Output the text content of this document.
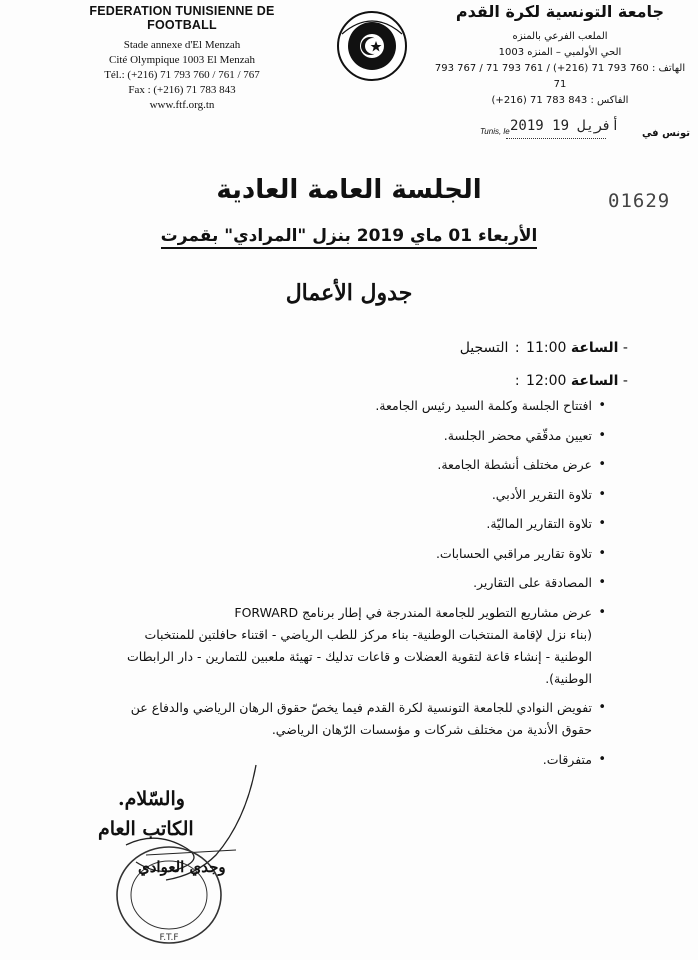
FEDERATION TUNISIENNE DE FOOTBALL
Stade annexe d'El Menzah
Cité Olympique 1003 El Menzah
Tél.: (+216) 71 793 760 / 761 / 767
Fax : (+216) 71 783 843
www.ftf.org.tn
جامعة التونسية لكرة القدم
الملعب الفرعي بالمنزه
الحي الأولمبي – المنزه 1003
الهاتف : 760 793 71 (216+) / 761 793 71 / 767 793 71
الفاكس : 843 783 71 (216+)
Tunis, le 2019 أفريل 19 تونس في
01629
الجلسة العامة العادية
الأربعاء 01 ماي 2019 بنزل "المرادي" بقمرت
جدول الأعمال
- الساعة 11:00 : التسجيل
- الساعة 12:00 :
• افتتاح الجلسة وكلمة السيد رئيس الجامعة.
• تعيين مدقّقي محضر الجلسة.
• عرض مختلف أنشطة الجامعة.
• تلاوة التقرير الأدبي.
• تلاوة التقارير الماليّة.
• تلاوة تقارير مراقبي الحسابات.
• المصادقة على التقارير.
• عرض مشاريع التطوير للجامعة المندرجة في إطار برنامج FORWARD
(بناء نزل لإقامة المنتخبات الوطنية- بناء مركز للطب الرياضي - اقتناء حافلتين للمنتخبات الوطنية - إنشاء قاعة لتقوية العضلات و قاعات تدليك - تهيئة ملعبين للتمارين - دار الرابطات الوطنية).
• تفويض النوادي للجامعة التونسية لكرة القدم فيما يخصّ حقوق الرهان الرياضي والدفاع عن حقوق الأندية من مختلف شركات و مؤسسات الرّهان الرياضي.
• متفرقات.
F.T.F
والسّلام.
الكاتب العام
وجدي العوادي
